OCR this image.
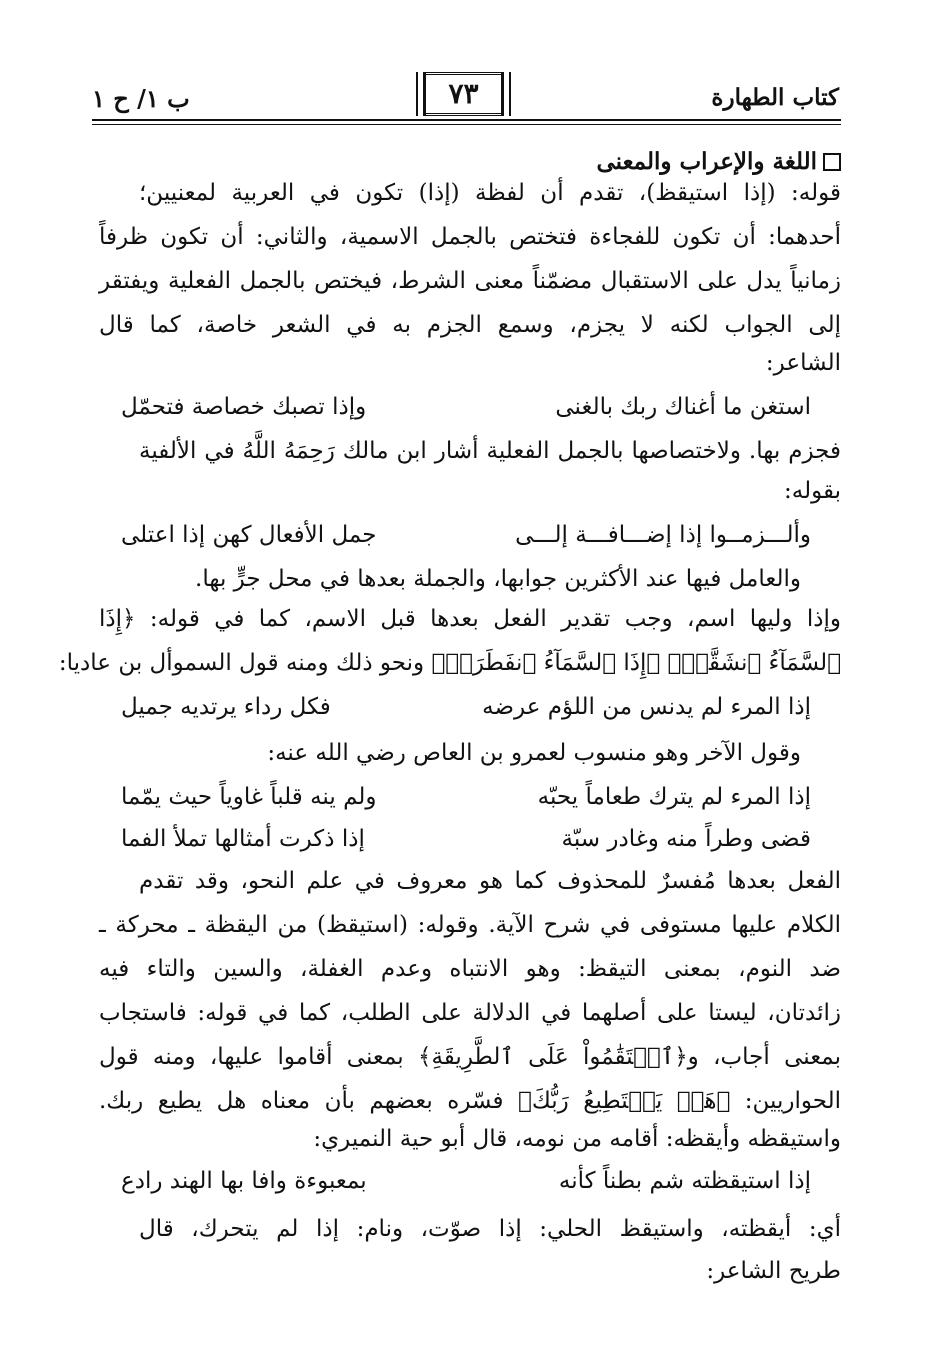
كتاب الطهارة
٧٣
ب ١/ ح ١
اللغة والإعراب والمعنى
قوله: (إذا استيقظ)، تقدم أن لفظة (إذا) تكون في العربية لمعنيين؛
أحدهما: أن تكون للفجاءة فتختص بالجمل الاسمية، والثاني: أن تكون ظرفاً
زمانياً يدل على الاستقبال مضمّناً معنى الشرط، فيختص بالجمل الفعلية ويفتقر
إلى الجواب لكنه لا يجزم، وسمع الجزم به في الشعر خاصة، كما قال
الشاعر:
استغن ما أغناك ربك بالغنى
وإذا تصبك خصاصة فتحمّل
فجزم بها. ولاختصاصها بالجمل الفعلية أشار ابن مالك رَحِمَهُ اللَّهُ في الألفية
بقوله:
وألـــزمــوا إذا إضـــافـــة إلـــى
جمل الأفعال كهن إذا اعتلى
والعامل فيها عند الأكثرين جوابها، والجملة بعدها في محل جرٍّ بها.
وإذا وليها اسم، وجب تقدير الفعل بعدها قبل الاسم، كما في قوله: ﴿إِذَا
ٱلسَّمَآءُ ٱنشَقَّتۡ﴾ ﴿إِذَا ٱلسَّمَآءُ ٱنفَطَرَتۡ﴾ ونحو ذلك ومنه قول السموأل بن عاديا:
إذا المرء لم يدنس من اللؤم عرضه
فكل رداء يرتديه جميل
وقول الآخر وهو منسوب لعمرو بن العاص رضي الله عنه:
إذا المرء لم يترك طعاماً يحبّه
ولم ينه قلباً غاوياً حيث يمّما
قضى وطراً منه وغادر سبّة
إذا ذكرت أمثالها تملأ الفما
الفعل بعدها مُفسرٌ للمحذوف كما هو معروف في علم النحو، وقد تقدم
الكلام عليها مستوفى في شرح الآية. وقوله: (استيقظ) من اليقظة ـ محركة ـ
ضد النوم، بمعنى التيقظ: وهو الانتباه وعدم الغفلة، والسين والتاء فيه
زائدتان، ليستا على أصلهما في الدلالة على الطلب، كما في قوله: فاستجاب
بمعنى أجاب، و﴿ٱسۡتَقَٰمُواْ عَلَى ٱلطَّرِيقَةِ﴾ بمعنى أقاموا عليها، ومنه قول
الحواريين: ﴿هَلۡ يَسۡتَطِيعُ رَبُّكَ﴾ فسّره بعضهم بأن معناه هل يطيع ربك.
واستيقظه وأيقظه: أقامه من نومه، قال أبو حية النميري:
إذا استيقظته شم بطناً كأنه
بمعبوءة وافا بها الهند رادع
أي: أيقظته، واستيقظ الحلي: إذا صوّت، ونام: إذا لم يتحرك، قال
طريح الشاعر:
